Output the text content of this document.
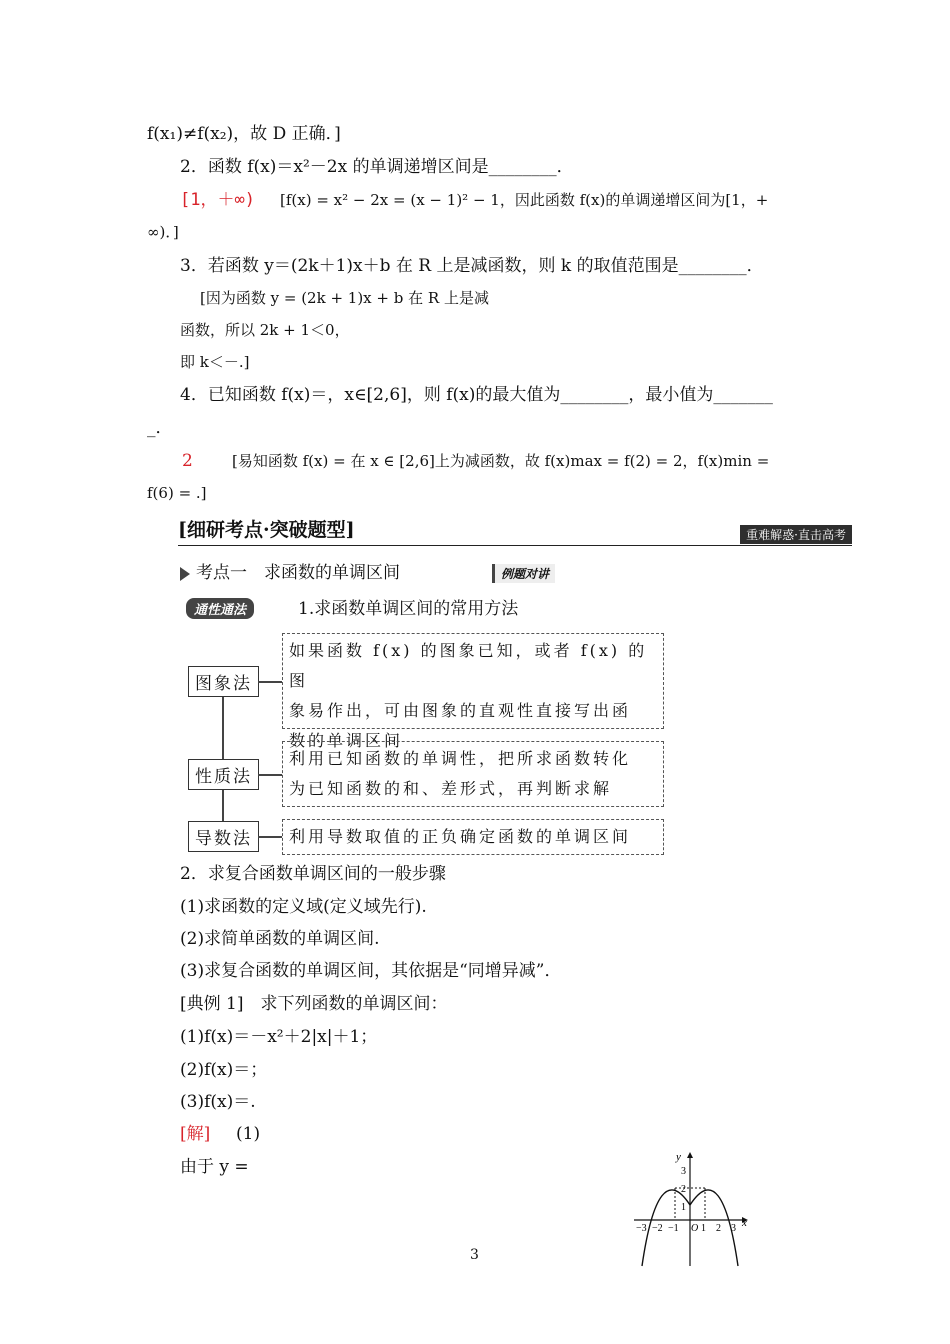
f(x₁)≠f(x₂)，故 D 正确．]
2．函数 f(x)＝x²－2x 的单调递增区间是________．
[1，＋∞) [f(x) = x² − 2x = (x − 1)² − 1，因此函数 f(x)的单调递增区间为[1，+
∞)．]
3．若函数 y＝(2k＋1)x＋b 在 R 上是减函数，则 k 的取值范围是________．
[因为函数 y = (2k + 1)x + b 在 R 上是减
函数，所以 2k + 1＜0，
即 k＜－.]
4．已知函数 f(x)＝，x∈[2,6]，则 f(x)的最大值为________，最小值为_______
_．
2	[易知函数 f(x) = 在 x ∈ [2,6]上为减函数，故 f(x)max = f(2) = 2，f(x)min =
f(6) = .]
[细研考点·突破题型]	重难解惑·直击高考
考点一　求函数的单调区间	例题对讲
通性通法	1.求函数单调区间的常用方法
图象法
如果函数 f(x) 的图象已知，或者 f(x) 的图
象易作出，可由图象的直观性直接写出函
数的单调区间
性质法
利用已知函数的单调性，把所求函数转化
为已知函数的和、差形式，再判断求解
导数法	利用导数取值的正负确定函数的单调区间
2．求复合函数单调区间的一般步骤
(1)求函数的定义域(定义域先行).
(2)求简单函数的单调区间.
(3)求复合函数的单调区间，其依据是“同增异减”．
[典例 1]　求下列函数的单调区间：
(1)f(x)＝－x²＋2|x|＋1；
(2)f(x)＝；
(3)f(x)＝.
[解] (1)
由于 y =	y
x
3
2
1
O
−3 −2 −1 1 2 3
3
